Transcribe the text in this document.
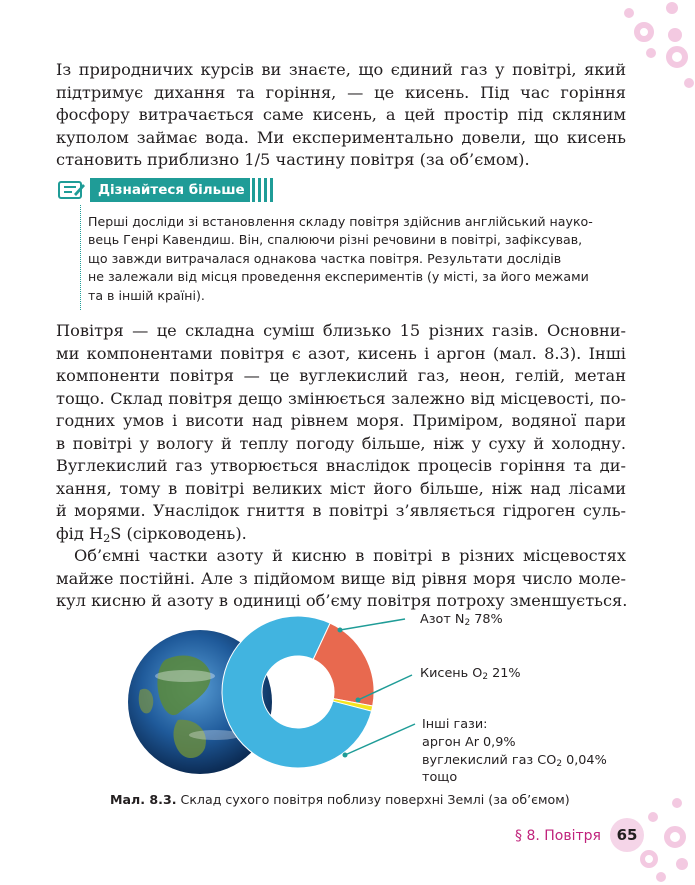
Із природничих курсів ви знаєте, що єдиний газ у повітрі, який
підтримує дихання та горіння, — це кисень. Під час горіння
фосфору витрачається саме кисень, а цей простір під скляним
куполом займає вода. Ми експериментально довели, що кисень
становить приблизно 1/5 частину повітря (за об’ємом).

Дізнайтеся більше

Перші досліди зі встановлення складу повітря здійснив англійський науко-
вець Генрі Кавендиш. Він, спалюючи різні речовини в повітрі, зафіксував,
що завжди витрачалася однакова частка повітря. Результати дослідів
не залежали від місця проведення експериментів (у місті, за його межами
та в іншій країні).

Повітря — це складна суміш близько 15 різних газів. Основни-
ми компонентами повітря є азот, кисень і аргон (мал. 8.3). Інші
компоненти повітря — це вуглекислий газ, неон, гелій, метан
тощо. Склад повітря дещо змінюється залежно від місцевості, по-
годних умов і висоти над рівнем моря. Приміром, водяної пари
в повітрі у вологу й теплу погоду більше, ніж у суху й холодну.
Вуглекислий газ утворюється внаслідок процесів горіння та ди-
хання, тому в повітрі великих міст його більше, ніж над лісами
й морями. Унаслідок гниття в повітрі з’являється гідроген суль-
фід $H_2S$ (сірководень).

Об’ємні частки азоту й кисню в повітрі в різних місцевостях
майже постійні. Але з підйомом вище від рівня моря число моле-
кул кисню й азоту в одиниці об’єму повітря потроху зменшується.

Азот $N_2$ 78%
Кисень $O_2$ 21%
Інші гази:
аргон Ar 0,9%
вуглекислий газ $CO_2$ 0,04%
тощо
Мал. 8.3. Склад сухого повітря поблизу поверхні Землі (за об’ємом)
§ 8. Повітря	65
